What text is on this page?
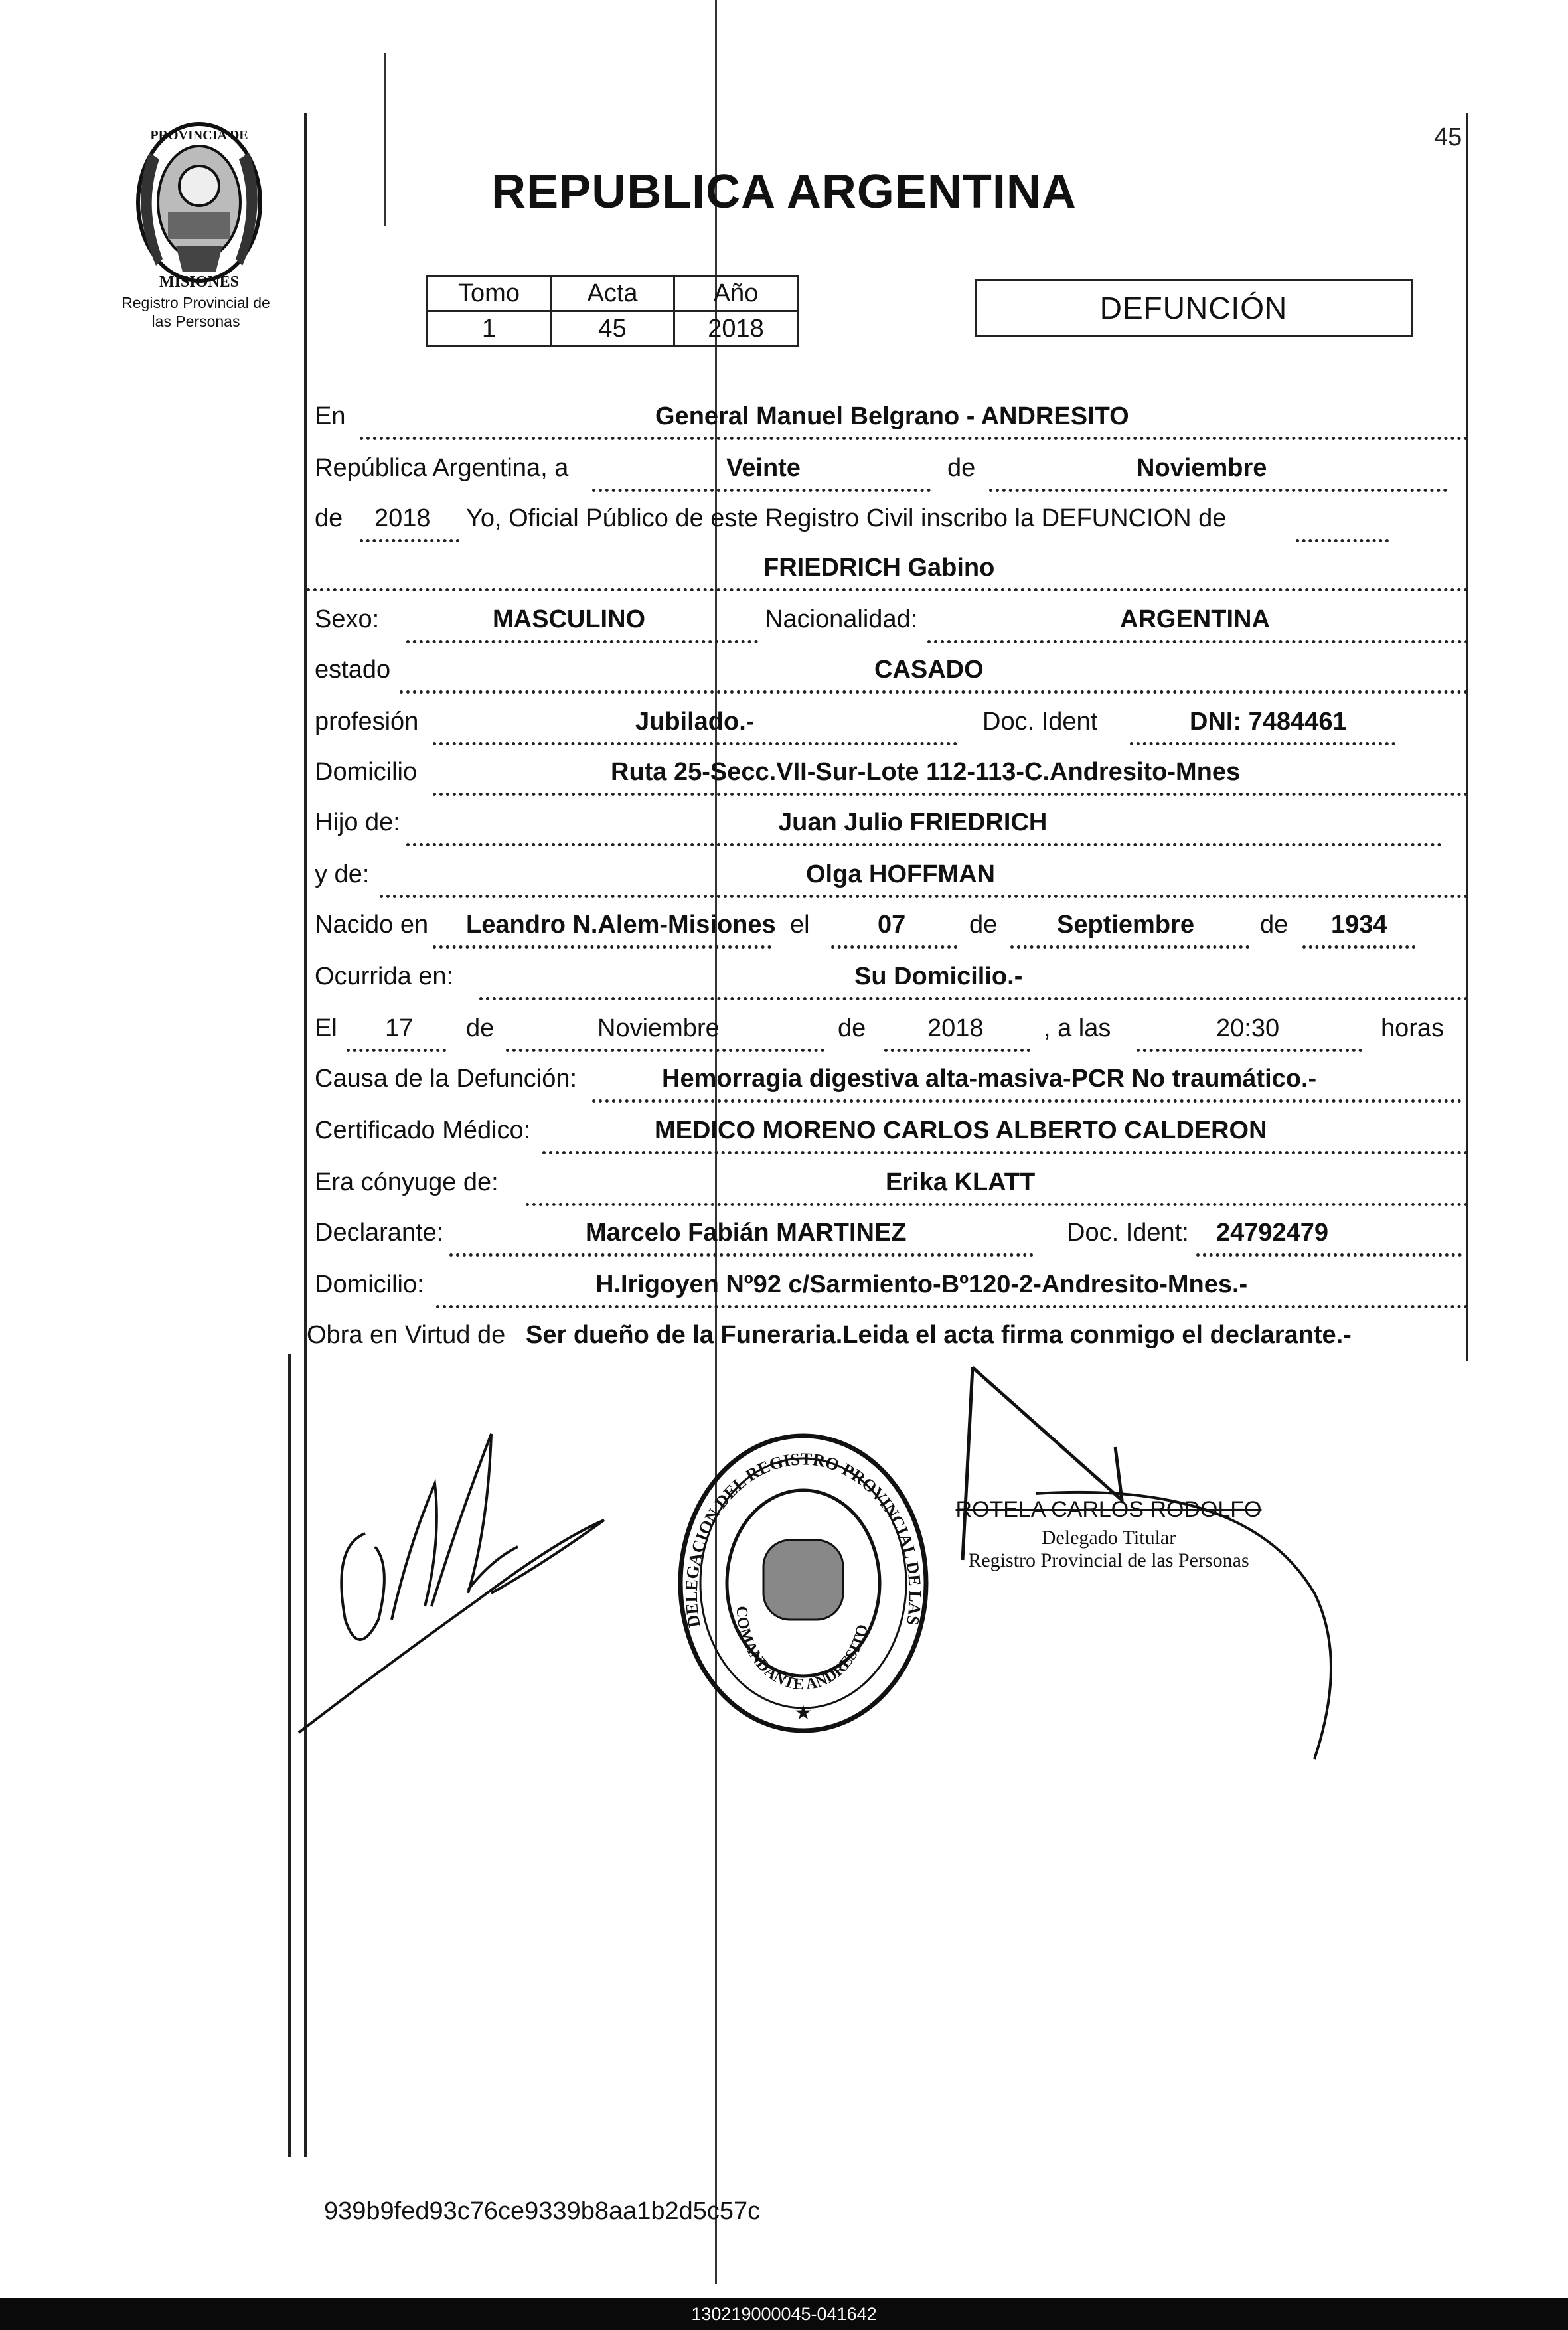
PROVINCIA DE
MISIONES
Registro Provincial de
las Personas
45
REPUBLICA ARGENTINA
Tomo	Acta	Año
1	45	2018
DEFUNCIÓN
En	General Manuel Belgrano - ANDRESITO
República Argentina, a	Veinte	de	Noviembre
de 2018 Yo, Oficial Público de este Registro Civil inscribo la DEFUNCION de
FRIEDRICH Gabino
Sexo:	MASCULINO	Nacionalidad:	ARGENTINA
estado	CASADO
profesión	Jubilado.-	Doc. Ident	DNI: 7484461
Domicilio	Ruta 25-Secc.VII-Sur-Lote 112-113-C.Andresito-Mnes
Hijo de:	Juan Julio FRIEDRICH
y de:	Olga HOFFMAN
Nacido en Leandro N.Alem-Misiones el	07	de Septiembre	de 1934
Ocurrida en:	Su Domicilio.-
El 17 de	Noviembre	de 2018 , a las	20:30	horas
Causa de la Defunción:	Hemorragia digestiva alta-masiva-PCR No traumático.-
Certificado Médico:	MEDICO MORENO CARLOS ALBERTO CALDERON
Era cónyuge de:	Erika KLATT
Declarante:	Marcelo Fabián MARTINEZ	Doc. Ident: 24792479
Domicilio:	H.Irigoyen Nº92 c/Sarmiento-Bº120-2-Andresito-Mnes.-
Obra en Virtud de Ser dueño de la Funeraria.Leida el acta firma conmigo el declarante.-
DELEGACION DEL REGISTRO PROVINCIAL DE LAS
COMANDANTE ANDRESITO
★
ROTELA CARLOS RODOLFO
Delegado Titular
Registro Provincial de las Personas
939b9fed93c76ce9339b8aa1b2d5c57c
130219000045-041642
